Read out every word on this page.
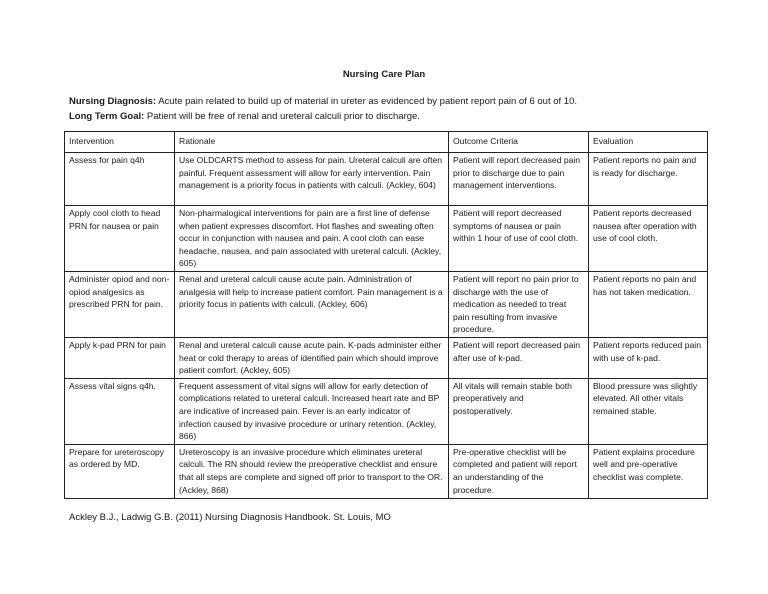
Nursing Care Plan
Nursing Diagnosis: Acute pain related to build up of material in ureter as evidenced by patient report pain of 6 out of 10.
Long Term Goal: Patient will be free of renal and ureteral calculi prior to discharge.
Intervention	Rationale	Outcome Criteria	Evaluation
Assess for pain q4h	Use OLDCARTS method to assess for pain. Ureteral calculi are often painful. Frequent assessment will allow for early intervention. Pain management is a priority focus in patients with calculi. (Ackley, 604)	Patient will report decreased pain prior to discharge due to pain management interventions.	Patient reports no pain and is ready for discharge.
Apply cool cloth to head PRN for nausea or pain	Non-pharmalogical interventions for pain are a first line of defense when patient expresses discomfort. Hot flashes and sweating often occur in conjunction with nausea and pain. A cool cloth can ease headache, nausea, and pain associated with ureteral calculi. (Ackley, 605)	Patient will report decreased symptoms of nausea or pain within 1 hour of use of cool cloth.	Patient reports decreased nausea after operation with use of cool cloth.
Administer opiod and non-opiod analgesics as prescribed PRN for pain.	Renal and ureteral calculi cause acute pain. Administration of analgesia will help to increase patient comfort. Pain management is a priority focus in patients with calculi. (Ackley, 606)	Patient will report no pain prior to discharge with the use of medication as needed to treat pain resulting from invasive procedure.	Patient reports no pain and has not taken medication.
Apply k-pad PRN for pain	Renal and ureteral calculi cause acute pain. K-pads administer either heat or cold therapy to areas of identified pain which should improve patient comfort. (Ackley, 605)	Patient will report decreased pain after use of k-pad.	Patient reports reduced pain with use of k-pad.
Assess vital signs q4h.	Frequent assessment of vital signs will allow for early detection of complications related to ureteral calculi. Increased heart rate and BP are indicative of increased pain. Fever is an early indicator of infection caused by invasive procedure or urinary retention. (Ackley, 866)	All vitals will remain stable both preoperatively and postoperatively.	Blood pressure was slightly elevated. All other vitals remained stable.
Prepare for ureteroscopy as ordered by MD.	Ureteroscopy is an invasive procedure which eliminates ureteral calculi. The RN should review the preoperative checklist and ensure that all steps are complete and signed off prior to transport to the OR. (Ackley, 868)	Pre-operative checklist will be completed and patient will report an understanding of the procedure.	Patient explains procedure well and pre-operative checklist was complete.
Ackley B.J., Ladwig G.B. (2011) Nursing Diagnosis Handbook. St. Louis, MO
